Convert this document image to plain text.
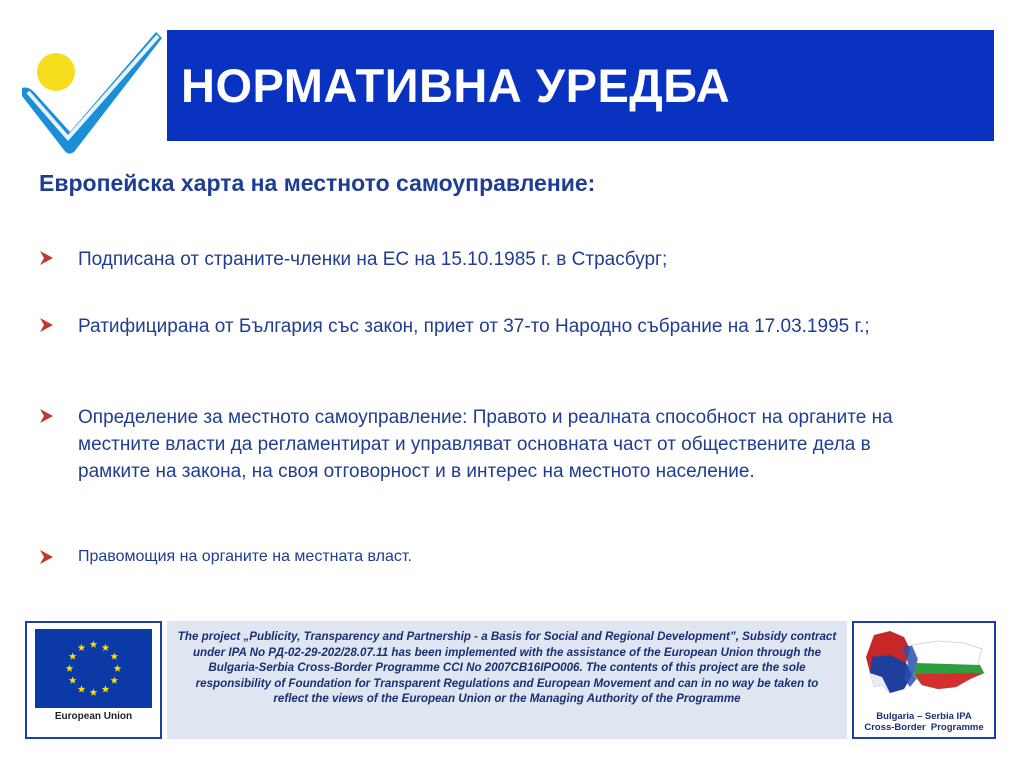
НОРМАТИВНА УРЕДБА
Европейска харта на местното самоуправление:
Подписана от страните-членки на ЕС на 15.10.1985 г. в Страсбург;
Ратифицирана от България със закон, приет от 37-то Народно събрание на 17.03.1995 г.;
Определение за местното самоуправление: Правото и реалната способност на органите на местните власти да регламентират и управляват основната част от обществените дела в рамките на закона, на своя отговорност и в интерес на местното население.
Правомощия на органите на местната власт.
European Union
The project „Publicity, Transparency and Partnership - a Basis for Social and Regional Development”, Subsidy contract under IPA No РД-02-29-202/28.07.11 has been implemented with the assistance of the European Union through the Bulgaria-Serbia Cross-Border Programme CCI No 2007CB16IPO006. The contents of this project are the sole responsibility of Foundation for Transparent Regulations and European Movement and can in no way be taken to reflect the views of the European Union or the Managing Authority of the Programme
Bulgaria – Serbia IPA
Cross-Border  Programme
